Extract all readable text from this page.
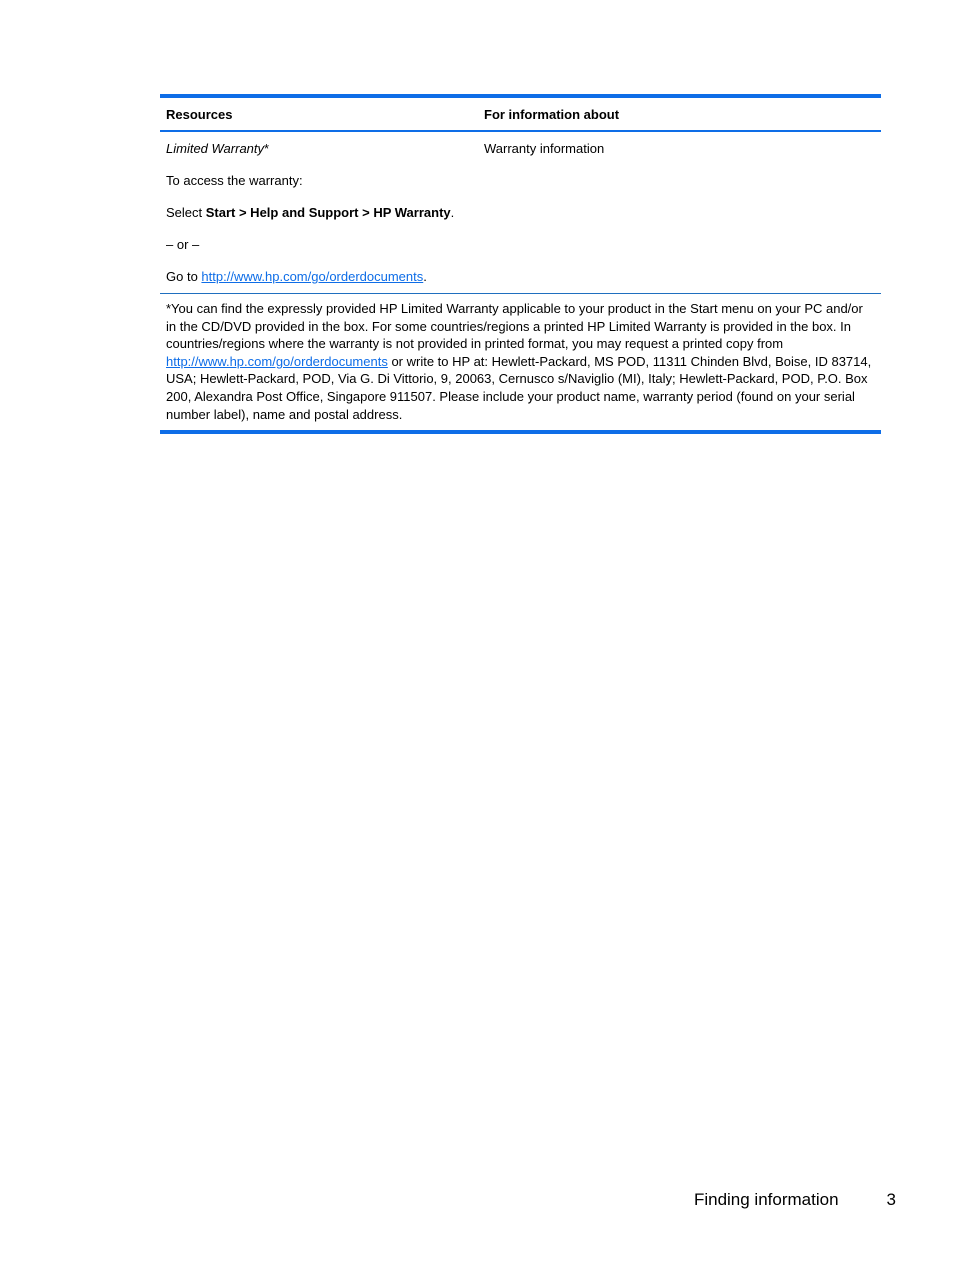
Resources	For information about

Limited Warranty*

To access the warranty:

Select Start > Help and Support > HP Warranty.

– or –

Go to http://www.hp.com/go/orderdocuments.

Warranty information
*You can find the expressly provided HP Limited Warranty applicable to your product in the Start menu on your PC and/or in the CD/DVD provided in the box. For some countries/regions a printed HP Limited Warranty is provided in the box. In countries/regions where the warranty is not provided in printed format, you may request a printed copy from http://www.hp.com/go/orderdocuments or write to HP at: Hewlett-Packard, MS POD, 11311 Chinden Blvd, Boise, ID 83714, USA; Hewlett-Packard, POD, Via G. Di Vittorio, 9, 20063, Cernusco s/Naviglio (MI), Italy; Hewlett-Packard, POD, P.O. Box 200, Alexandra Post Office, Singapore 911507. Please include your product name, warranty period (found on your serial number label), name and postal address.
Finding information	3
